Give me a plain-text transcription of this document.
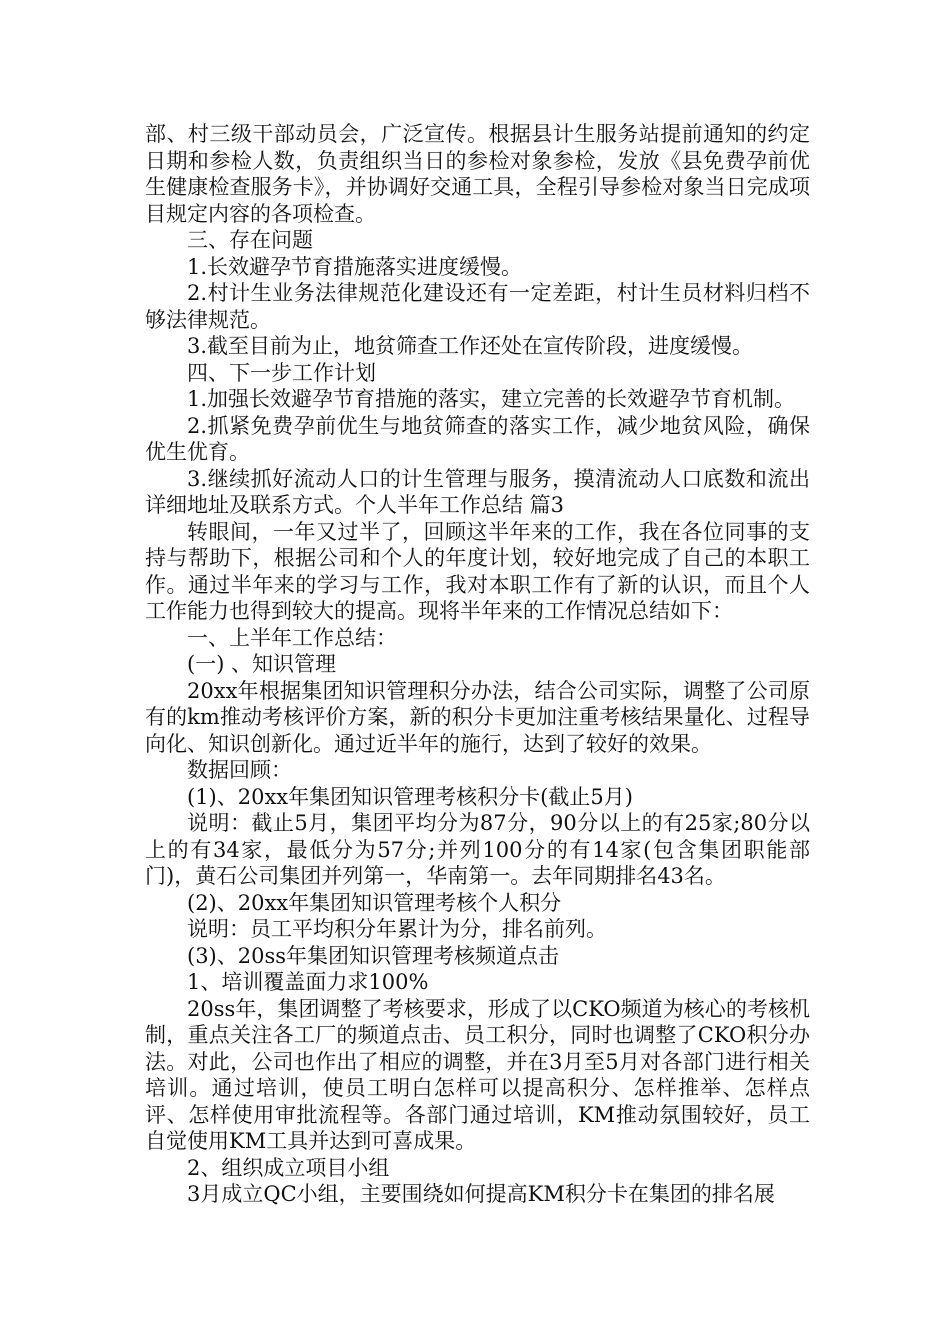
部、村三级干部动员会，广泛宣传。根据县计生服务站提前通知的约定日期和参检人数，负责组织当日的参检对象参检，发放《县免费孕前优生健康检查服务卡》，并协调好交通工具，全程引导参检对象当日完成项目规定内容的各项检查。

三、存在问题

1.长效避孕节育措施落实进度缓慢。

2.村计生业务法律规范化建设还有一定差距，村计生员材料归档不够法律规范。

3.截至目前为止，地贫筛查工作还处在宣传阶段，进度缓慢。

四、下一步工作计划

1.加强长效避孕节育措施的落实，建立完善的长效避孕节育机制。

2.抓紧免费孕前优生与地贫筛查的落实工作，减少地贫风险，确保优生优育。

3.继续抓好流动人口的计生管理与服务，摸清流动人口底数和流出详细地址及联系方式。个人半年工作总结 篇3

转眼间，一年又过半了，回顾这半年来的工作，我在各位同事的支持与帮助下，根据公司和个人的年度计划，较好地完成了自己的本职工作。通过半年来的学习与工作，我对本职工作有了新的认识，而且个人工作能力也得到较大的提高。现将半年来的工作情况总结如下：

一、上半年工作总结：

(一) 、知识管理

20xx年根据集团知识管理积分办法，结合公司实际，调整了公司原有的km推动考核评价方案，新的积分卡更加注重考核结果量化、过程导向化、知识创新化。通过近半年的施行，达到了较好的效果。

数据回顾：

(1)、20xx年集团知识管理考核积分卡(截止5月)

说明：截止5月，集团平均分为87分，90分以上的有25家;80分以上的有34家，最低分为57分;并列100分的有14家(包含集团职能部门)，黄石公司集团并列第一，华南第一。去年同期排名43名。

(2)、20xx年集团知识管理考核个人积分

说明：员工平均积分年累计为分，排名前列。

(3)、20ss年集团知识管理考核频道点击

1、培训覆盖面力求100%

20ss年，集团调整了考核要求，形成了以CKO频道为核心的考核机制，重点关注各工厂的频道点击、员工积分，同时也调整了CKO积分办法。对此，公司也作出了相应的调整，并在3月至5月对各部门进行相关培训。通过培训，使员工明白怎样可以提高积分、怎样推举、怎样点评、怎样使用审批流程等。各部门通过培训，KM推动氛围较好，员工自觉使用KM工具并达到可喜成果。

2、组织成立项目小组

3月成立QC小组，主要围绕如何提高KM积分卡在集团的排名展
